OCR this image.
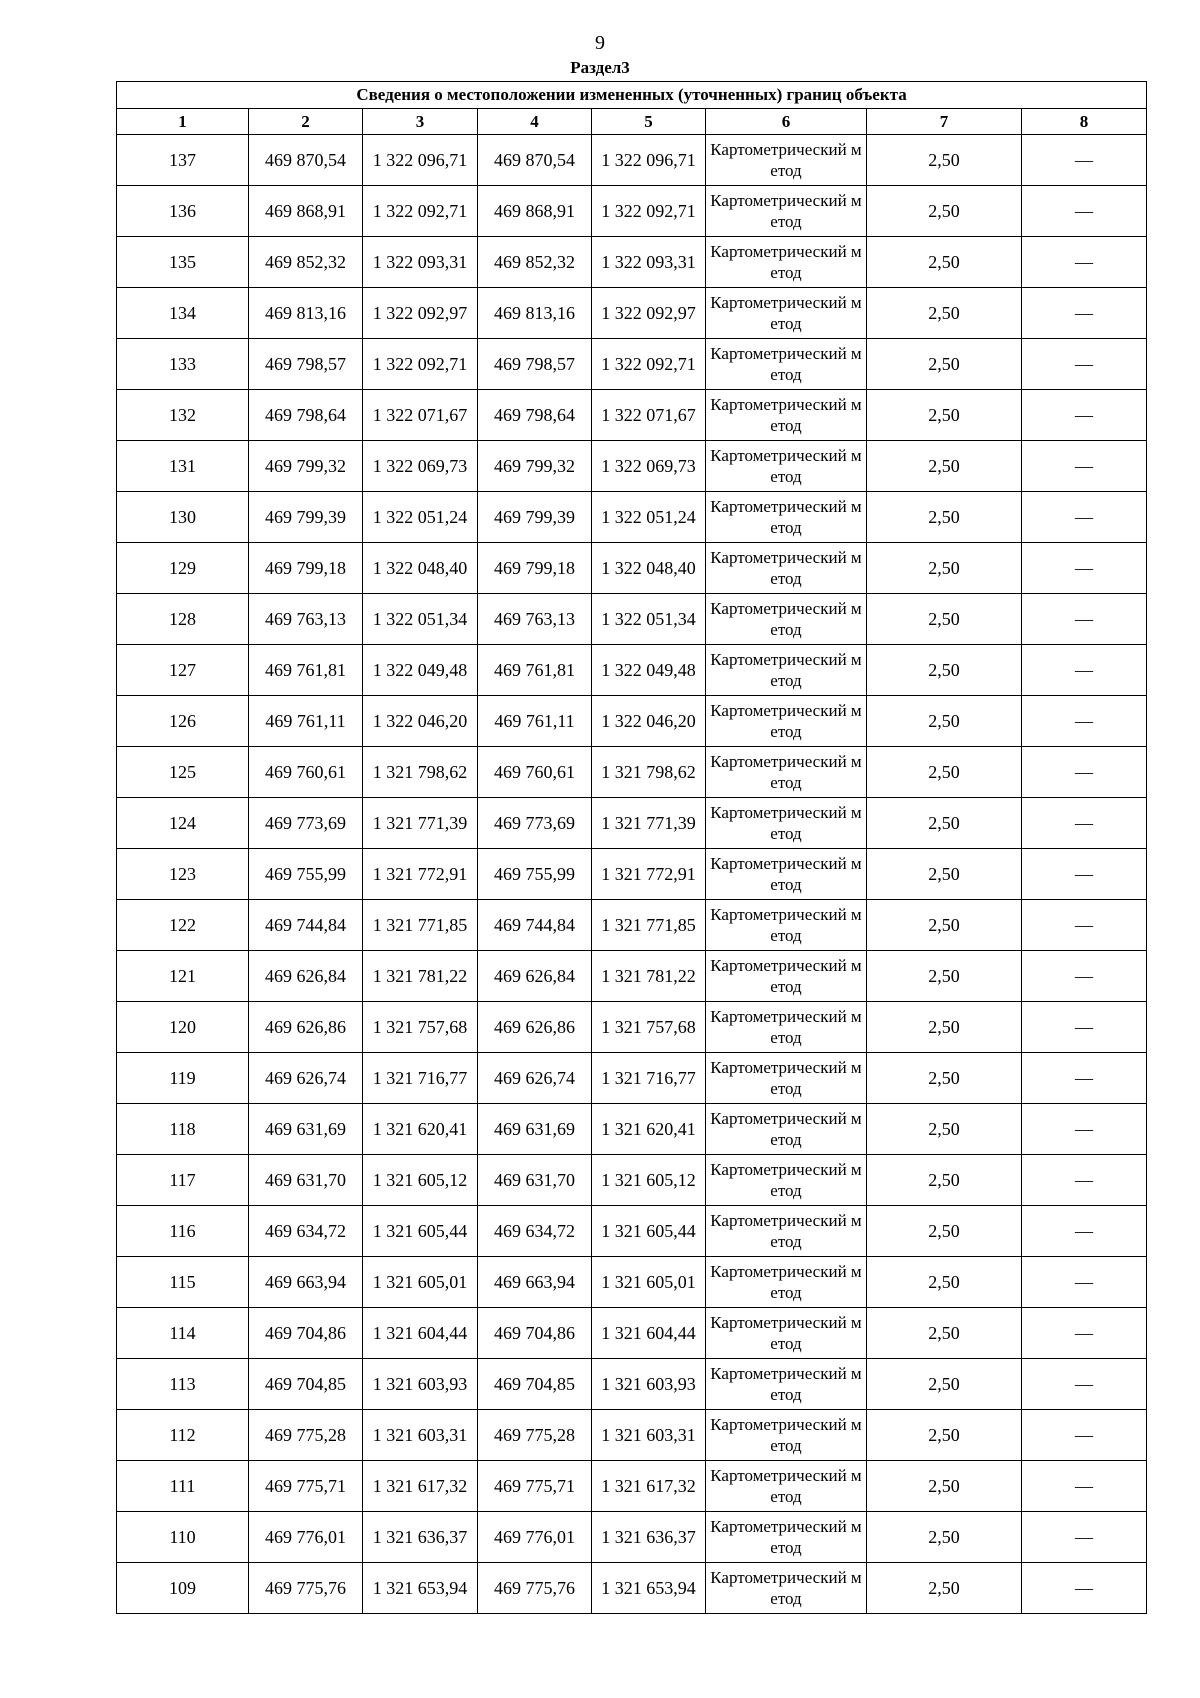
9
Раздел3
Сведения о местоположении измененных (уточненных) границ объекта							
1	2	3	4	5	6	7	8
137	469 870,54	1 322 096,71	469 870,54	1 322 096,71	Картометрический метод	2,50	—
136	469 868,91	1 322 092,71	469 868,91	1 322 092,71	Картометрический метод	2,50	—
135	469 852,32	1 322 093,31	469 852,32	1 322 093,31	Картометрический метод	2,50	—
134	469 813,16	1 322 092,97	469 813,16	1 322 092,97	Картометрический метод	2,50	—
133	469 798,57	1 322 092,71	469 798,57	1 322 092,71	Картометрический метод	2,50	—
132	469 798,64	1 322 071,67	469 798,64	1 322 071,67	Картометрический метод	2,50	—
131	469 799,32	1 322 069,73	469 799,32	1 322 069,73	Картометрический метод	2,50	—
130	469 799,39	1 322 051,24	469 799,39	1 322 051,24	Картометрический метод	2,50	—
129	469 799,18	1 322 048,40	469 799,18	1 322 048,40	Картометрический метод	2,50	—
128	469 763,13	1 322 051,34	469 763,13	1 322 051,34	Картометрический метод	2,50	—
127	469 761,81	1 322 049,48	469 761,81	1 322 049,48	Картометрический метод	2,50	—
126	469 761,11	1 322 046,20	469 761,11	1 322 046,20	Картометрический метод	2,50	—
125	469 760,61	1 321 798,62	469 760,61	1 321 798,62	Картометрический метод	2,50	—
124	469 773,69	1 321 771,39	469 773,69	1 321 771,39	Картометрический метод	2,50	—
123	469 755,99	1 321 772,91	469 755,99	1 321 772,91	Картометрический метод	2,50	—
122	469 744,84	1 321 771,85	469 744,84	1 321 771,85	Картометрический метод	2,50	—
121	469 626,84	1 321 781,22	469 626,84	1 321 781,22	Картометрический метод	2,50	—
120	469 626,86	1 321 757,68	469 626,86	1 321 757,68	Картометрический метод	2,50	—
119	469 626,74	1 321 716,77	469 626,74	1 321 716,77	Картометрический метод	2,50	—
118	469 631,69	1 321 620,41	469 631,69	1 321 620,41	Картометрический метод	2,50	—
117	469 631,70	1 321 605,12	469 631,70	1 321 605,12	Картометрический метод	2,50	—
116	469 634,72	1 321 605,44	469 634,72	1 321 605,44	Картометрический метод	2,50	—
115	469 663,94	1 321 605,01	469 663,94	1 321 605,01	Картометрический метод	2,50	—
114	469 704,86	1 321 604,44	469 704,86	1 321 604,44	Картометрический метод	2,50	—
113	469 704,85	1 321 603,93	469 704,85	1 321 603,93	Картометрический метод	2,50	—
112	469 775,28	1 321 603,31	469 775,28	1 321 603,31	Картометрический метод	2,50	—
111	469 775,71	1 321 617,32	469 775,71	1 321 617,32	Картометрический метод	2,50	—
110	469 776,01	1 321 636,37	469 776,01	1 321 636,37	Картометрический метод	2,50	—
109	469 775,76	1 321 653,94	469 775,76	1 321 653,94	Картометрический метод	2,50	—
